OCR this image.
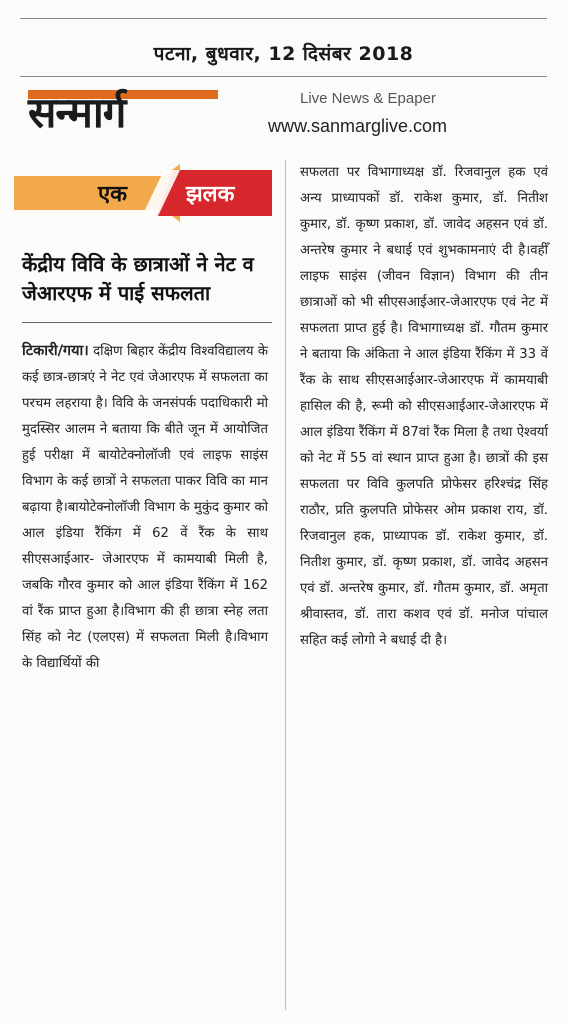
पटना, बुधवार, 12 दिसंबर 2018
सन्मार्ग	Live News & Epaper
www.sanmarglive.com
एक	झलक
केंद्रीय विवि के छात्राओं ने नेट व जेआरएफ में पाई सफलता
टिकारी/गया। दक्षिण बिहार केंद्रीय विश्वविद्यालय के कई छात्र-छात्रएं ने नेट एवं जेआरएफ में सफलता का परचम लहराया है। विवि के जनसंपर्क पदाधिकारी मो मुदस्सिर आलम ने बताया कि बीते जून में आयोजित हुई परीक्षा में बायोटेक्नोलॉजी एवं लाइफ साइंस विभाग के कई छात्रों ने सफलता पाकर विवि का मान बढ़ाया है।बायोटेक्नोलॉजी विभाग के मुकुंद कुमार को आल इंडिया रैंकिंग में 62 वें रैंक के साथ सीएसआईआर- जेआरएफ में कामयाबी मिली है, जबकि गौरव कुमार को आल इंडिया रैंकिंग में 162 वां रैंक प्राप्त हुआ है।विभाग की ही छात्रा स्नेह लता सिंह को नेट (एलएस) में सफलता मिली है।विभाग के विद्यार्थियों की
सफलता पर विभागाध्यक्ष डॉ. रिजवानुल हक एवं अन्य प्राध्यापकों डॉ. राकेश कुमार, डॉ. नितीश कुमार, डॉ. कृष्ण प्रकाश, डॉ. जावेद अहसन एवं डॉ. अन्तरेष कुमार ने बधाई एवं शुभकामनाएं दी है।वहीँ लाइफ साइंस (जीवन विज्ञान) विभाग की तीन छात्राओं को भी सीएसआईआर-जेआरएफ एवं नेट में सफलता प्राप्त हुई है। विभागाध्यक्ष डॉ. गौतम कुमार ने बताया कि अंकिता ने आल इंडिया रैंकिंग में 33 वें रैंक के साथ सीएसआईआर-जेआरएफ में कामयाबी हासिल की है, रूमी को सीएसआईआर-जेआरएफ में आल इंडिया रैंकिंग में 87वां रैंक मिला है तथा ऐश्वर्या को नेट में 55 वां स्थान प्राप्त हुआ है। छात्रों की इस सफलता पर विवि कुलपति प्रोफेसर हरिश्चंद्र सिंह राठौर, प्रति कुलपति प्रोफेसर ओम प्रकाश राय, डॉ. रिजवानुल हक, प्राध्यापक डॉ. राकेश कुमार, डॉ. नितीश कुमार, डॉ. कृष्ण प्रकाश, डॉ. जावेद अहसन एवं डॉ. अन्तरेष कुमार, डॉ. गौतम कुमार, डॉ. अमृता श्रीवास्तव, डॉ. तारा कशव एवं डॉ. मनोज पांचाल सहित कई लोगो ने बधाई दी है।
